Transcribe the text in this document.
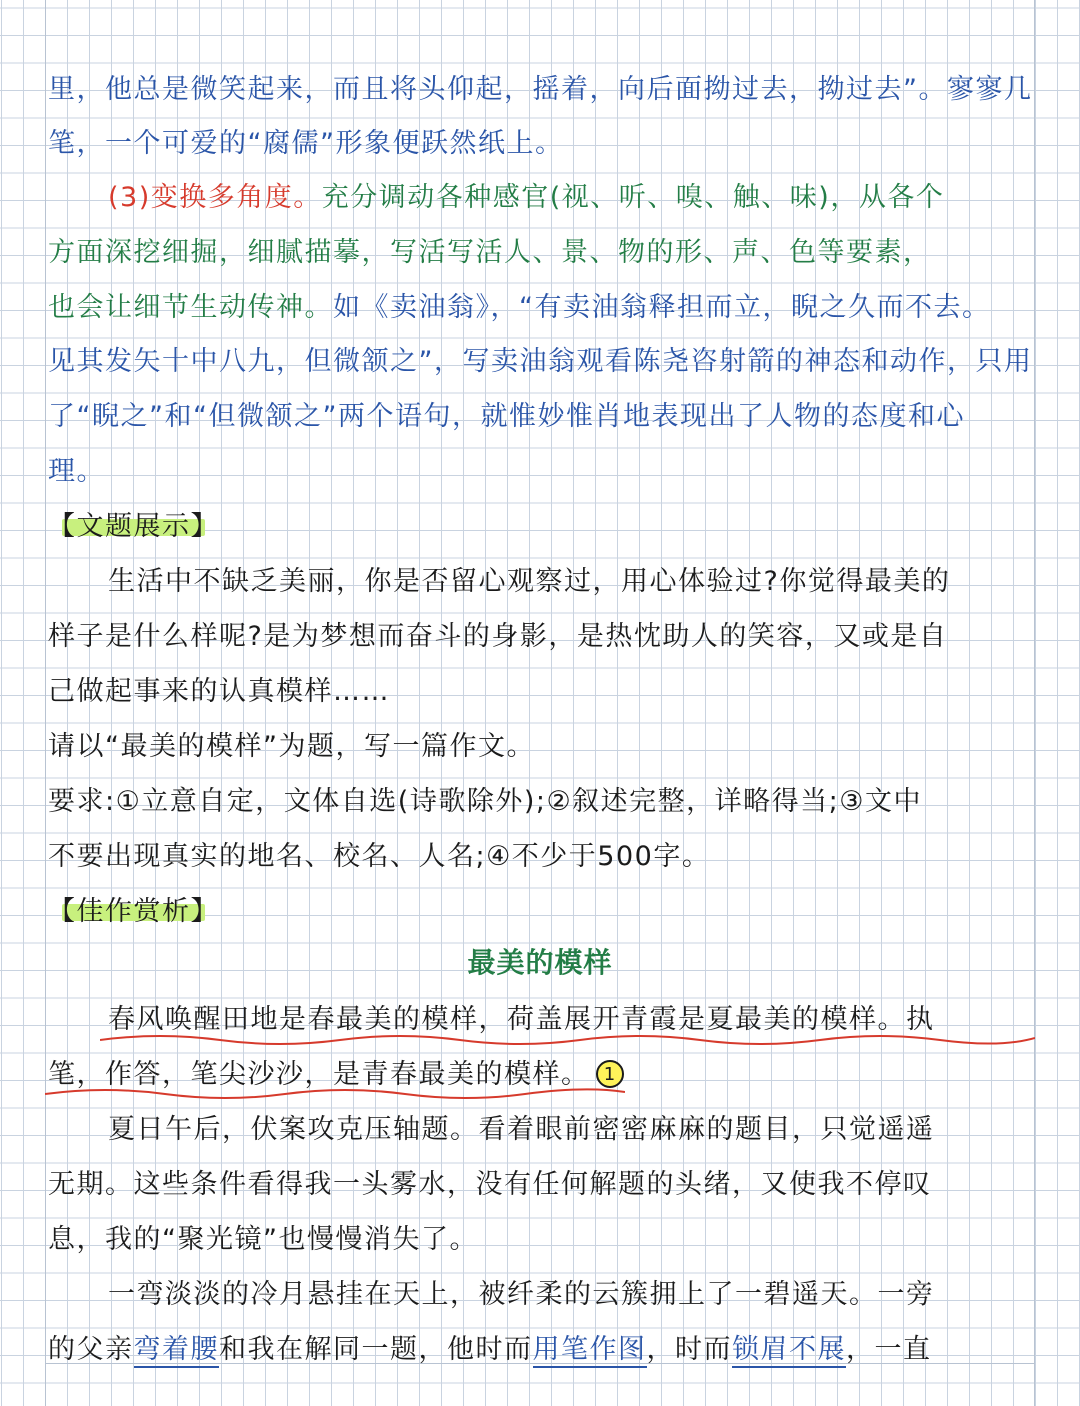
里，他总是微笑起来，而且将头仰起，摇着，向后面拗过去，拗过去”。寥寥几
笔，一个可爱的“腐儒”形象便跃然纸上。
(3)变换多角度。充分调动各种感官(视、听、嗅、触、味)，从各个
方面深挖细掘，细腻描摹，写活写活人、景、物的形、声、色等要素，
也会让细节生动传神。如《卖油翁》，“有卖油翁释担而立，睨之久而不去。
见其发矢十中八九，但微颔之”，写卖油翁观看陈尧咨射箭的神态和动作，只用
了“睨之”和“但微颔之”两个语句，就惟妙惟肖地表现出了人物的态度和心
理。
【文题展示】
生活中不缺乏美丽，你是否留心观察过，用心体验过?你觉得最美的
样子是什么样呢?是为梦想而奋斗的身影，是热忱助人的笑容，又或是自
己做起事来的认真模样……
请以“最美的模样”为题，写一篇作文。
要求:①立意自定，文体自选(诗歌除外);②叙述完整，详略得当;③文中
不要出现真实的地名、校名、人名;④不少于500字。
【佳作赏析】
最美的模样
春风唤醒田地是春最美的模样，荷盖展开青霞是夏最美的模样。执
笔，作答，笔尖沙沙，是青春最美的模样。 1
夏日午后，伏案攻克压轴题。看着眼前密密麻麻的题目，只觉遥遥
无期。这些条件看得我一头雾水，没有任何解题的头绪，又使我不停叹
息，我的“聚光镜”也慢慢消失了。
一弯淡淡的冷月悬挂在天上，被纤柔的云簇拥上了一碧遥天。一旁
的父亲弯着腰和我在解同一题，他时而用笔作图，时而锁眉不展，一直
